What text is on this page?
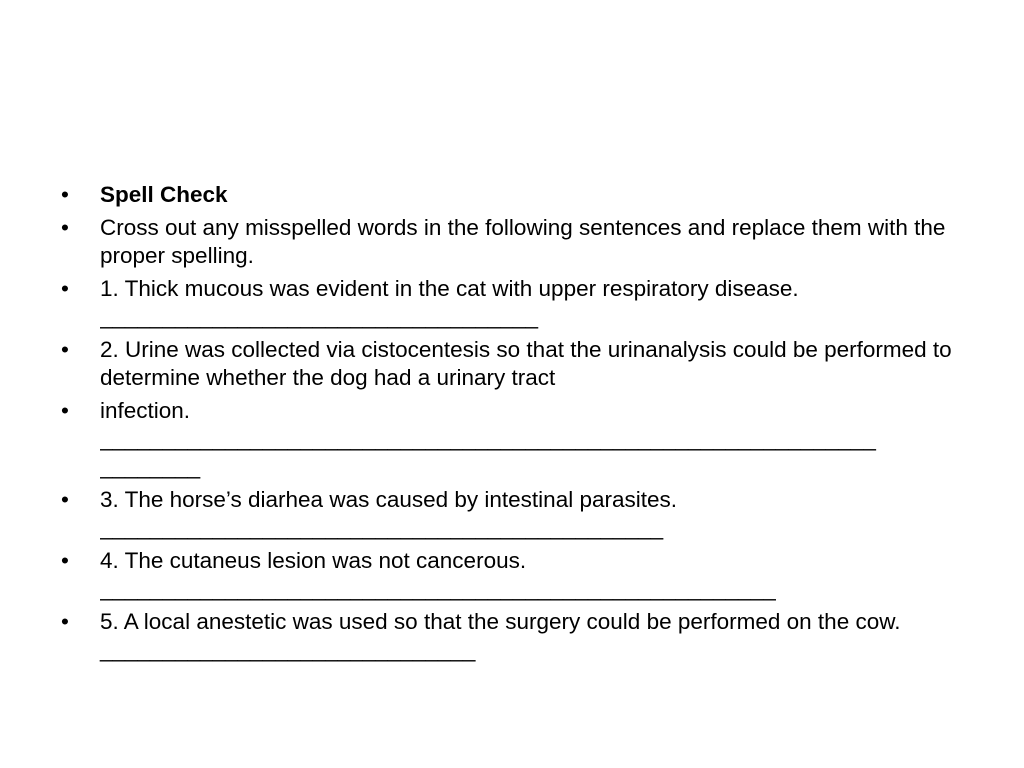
•	Spell Check
•	Cross out any misspelled words in the following sentences and replace them with the proper spelling.
•	1. Thick mucous was evident in the cat with upper respiratory disease.
___________________________________
•	2. Urine was collected via cistocentesis so that the urinanalysis could be performed to determine whether the dog had a urinary tract
•	infection.
______________________________________________________________
________
•	3. The horse’s diarhea was caused by intestinal parasites.
_____________________________________________
•	4. The cutaneus lesion was not cancerous.
______________________________________________________
•	5. A local anestetic was used so that the surgery could be performed on the cow. ______________________________
